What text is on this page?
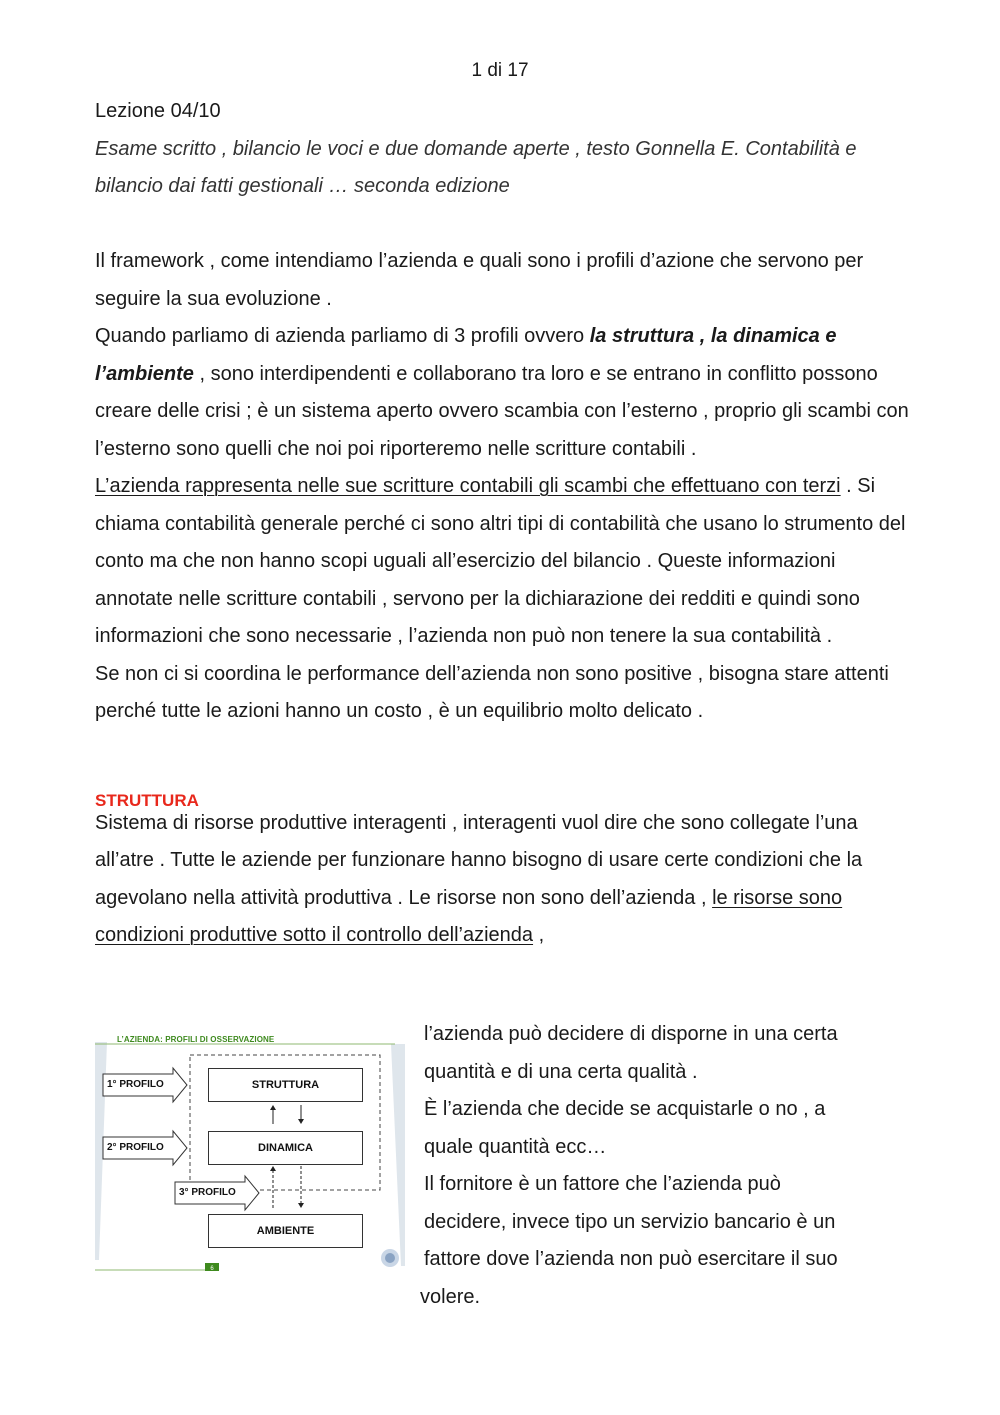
1 di 17

Lezione 04/10

Esame scritto , bilancio le voci e due domande aperte , testo Gonnella E. Contabilità e bilancio dai fatti gestionali … seconda edizione

Il framework , come intendiamo l’azienda e quali sono i profili d’azione che servono per seguire la sua evoluzione .

Quando parliamo di azienda parliamo di 3 profili ovvero la struttura , la dinamica e l’ambiente , sono interdipendenti e collaborano tra loro e se entrano in conflitto possono creare delle crisi ; è un sistema aperto ovvero scambia con l’esterno , proprio gli scambi con l’esterno sono quelli che noi poi riporteremo nelle scritture contabili .

L’azienda rappresenta nelle sue scritture contabili gli scambi che effettuano con terzi . Si chiama contabilità generale perché ci sono altri tipi di contabilità che usano lo strumento del conto ma che non hanno scopi uguali all’esercizio del bilancio . Queste informazioni annotate nelle scritture contabili , servono per la dichiarazione dei redditi e quindi sono informazioni che sono necessarie , l’azienda non può non tenere la sua contabilità .

Se non ci si coordina le performance dell’azienda non sono positive , bisogna stare attenti perché tutte le azioni hanno un costo , è un equilibrio molto delicato .

STRUTTURA

Sistema di risorse produttive interagenti , interagenti vuol dire che sono collegate l’una all’atre . Tutte le aziende per funzionare hanno bisogno di usare certe condizioni che la agevolano nella attività produttiva . Le risorse non sono dell’azienda , le risorse sono condizioni produttive sotto il controllo dell’azienda ,

6
L’AZIENDA: PROFILI DI OSSERVAZIONE
1° PROFILO
2° PROFILO
3° PROFILO
STRUTTURA
DINAMICA
AMBIENTE

l’azienda può decidere di disporne in una certa

quantità e di una certa qualità .

È l’azienda che decide se acquistarle o no , a

quale quantità ecc…

Il fornitore è un fattore che l’azienda può

decidere, invece tipo un servizio bancario è un

fattore dove l’azienda non può esercitare il suo

volere.
